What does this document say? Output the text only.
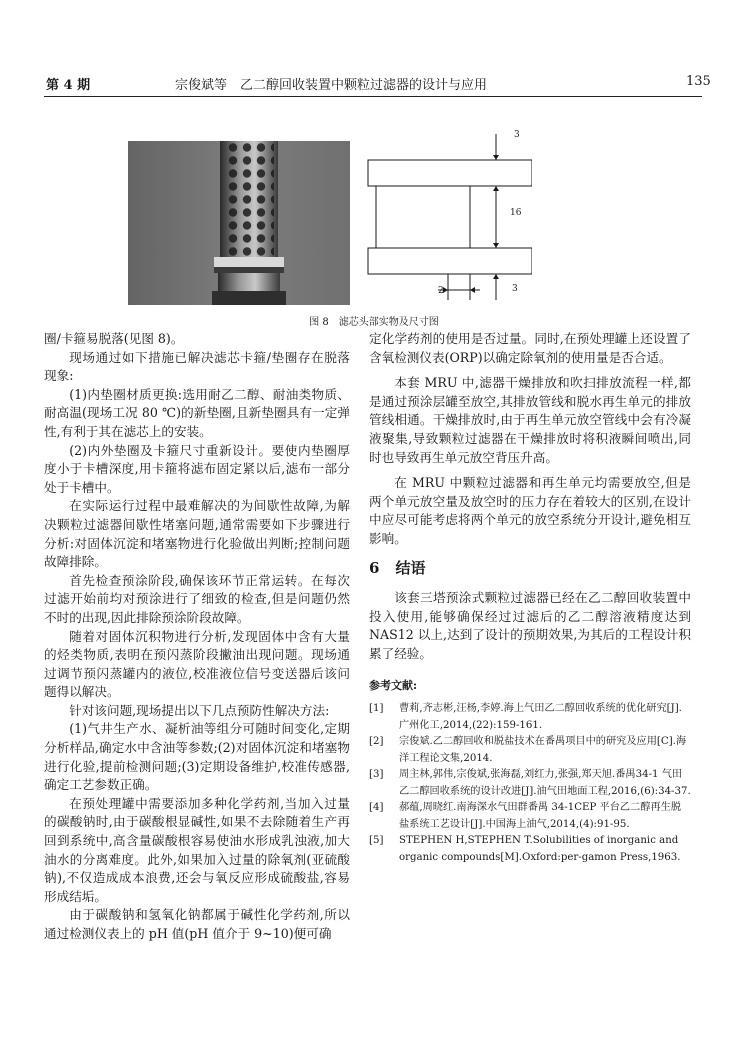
第 4 期	宗俊斌等　乙二醇回收装置中颗粒过滤器的设计与应用	135
3
16
2	3
图 8　滤芯头部实物及尺寸图

圈/卡箍易脱落(见图 8)。

现场通过如下措施已解决滤芯卡箍/垫圈存在脱落现象:

(1)内垫圈材质更换:选用耐乙二醇、耐油类物质、耐高温(现场工况 80 ℃)的新垫圈,且新垫圈具有一定弹性,有利于其在滤芯上的安装。

(2)内外垫圈及卡箍尺寸重新设计。要使内垫圈厚度小于卡槽深度,用卡箍将滤布固定紧以后,滤布一部分处于卡槽中。

在实际运行过程中最难解决的为间歇性故障,为解决颗粒过滤器间歇性堵塞问题,通常需要如下步骤进行分析:对固体沉淀和堵塞物进行化验做出判断;控制问题故障排除。

首先检查预涂阶段,确保该环节正常运转。在每次过滤开始前均对预涂进行了细致的检查,但是问题仍然不时的出现,因此排除预涂阶段故障。

随着对固体沉积物进行分析,发现固体中含有大量的烃类物质,表明在预闪蒸阶段撇油出现问题。现场通过调节预闪蒸罐内的液位,校准液位信号变送器后该问题得以解决。

针对该问题,现场提出以下几点预防性解决方法:

(1)气井生产水、凝析油等组分可随时间变化,定期分析样品,确定水中含油等参数;(2)对固体沉淀和堵塞物进行化验,提前检测问题;(3)定期设备维护,校准传感器,确定工艺参数正确。

在预处理罐中需要添加多种化学药剂,当加入过量的碳酸钠时,由于碳酸根显碱性,如果不去除随着生产再回到系统中,高含量碳酸根容易使油水形成乳浊液,加大油水的分离难度。此外,如果加入过量的除氧剂(亚硫酸钠),不仅造成成本浪费,还会与氧反应形成硫酸盐,容易形成结垢。

由于碳酸钠和氢氧化钠都属于碱性化学药剂,所以通过检测仪表上的 pH 值(pH 值介于 9~10)便可确

定化学药剂的使用是否过量。同时,在预处理罐上还设置了含氧检测仪表(ORP)以确定除氧剂的使用量是否合适。

本套 MRU 中,滤器干燥排放和吹扫排放流程一样,都是通过预涂层罐至放空,其排放管线和脱水再生单元的排放管线相通。干燥排放时,由于再生单元放空管线中会有冷凝液聚集,导致颗粒过滤器在干燥排放时将积液瞬间喷出,同时也导致再生单元放空背压升高。

在 MRU 中颗粒过滤器和再生单元均需要放空,但是两个单元放空量及放空时的压力存在着较大的区别,在设计中应尽可能考虑将两个单元的放空系统分开设计,避免相互影响。

6 结语

该套三塔预涂式颗粒过滤器已经在乙二醇回收装置中投入使用,能够确保经过过滤后的乙二醇溶液精度达到 NAS12 以上,达到了设计的预期效果,为其后的工程设计积累了经验。

参考文献:
[1]	曹莉,齐志彬,汪杨,李婷.海上气田乙二醇回收系统的优化研究[J].广州化工,2014,(22):159-161.
[2]	宗俊斌.乙二醇回收和脱盐技术在番禺项目中的研究及应用[C].海洋工程论文集,2014.
[3]	周主林,郭伟,宗俊斌,张海磊,刘红力,张强,郑天旭.番禺34-1 气田乙二醇回收系统的设计改进[J].油气田地面工程,2016,(6):34-37.
[4]	郝蕴,周晓红.南海深水气田群番禺 34-1CEP 平台乙二醇再生脱盐系统工艺设计[J].中国海上油气,2014,(4):91-95.
[5]	STEPHEN H,STEPHEN T.Solubilities of inorganic and organic compounds[M].Oxford:per-gamon Press,1963.
